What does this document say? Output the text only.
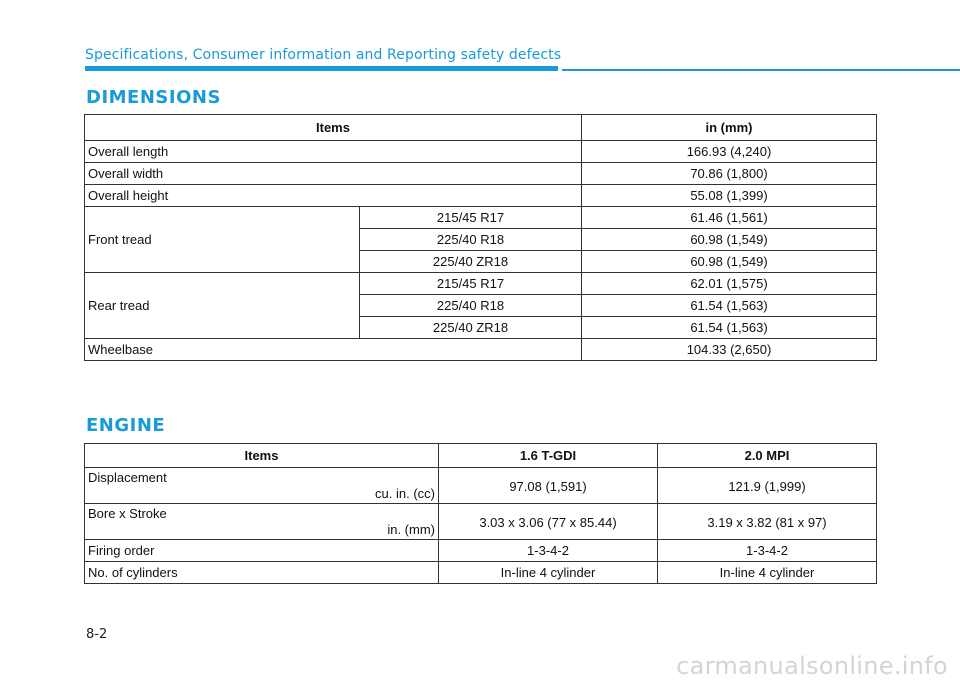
Specifications, Consumer information and Reporting safety defects
DIMENSIONS
Items		in (mm)
Overall length		166.93 (4,240)
Overall width		70.86 (1,800)
Overall height		55.08 (1,399)
Front tread	215/45 R17	61.46 (1,561)
	225/40 R18	60.98 (1,549)
	225/40 ZR18	60.98 (1,549)
Rear tread	215/45 R17	62.01 (1,575)
	225/40 R18	61.54 (1,563)
	225/40 ZR18	61.54 (1,563)
Wheelbase		104.33 (2,650)
ENGINE
Items	1.6 T-GDI	2.0 MPI
Displacement
cu. in. (cc)	97.08 (1,591)	121.9 (1,999)
Bore x Stroke
in. (mm)	3.03 x 3.06 (77 x 85.44)	3.19 x 3.82 (81 x 97)
Firing order	1-3-4-2	1-3-4-2
No. of cylinders	In-line 4 cylinder	In-line 4 cylinder
8-2
carmanualsonline.info
